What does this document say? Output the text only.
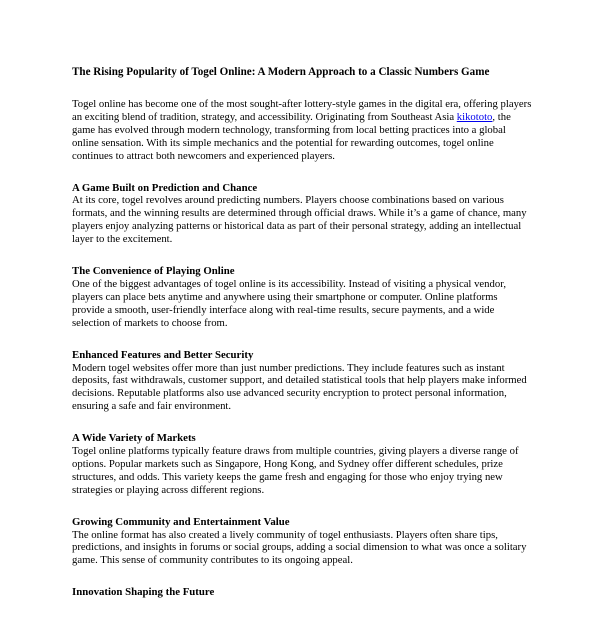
The Rising Popularity of Togel Online: A Modern Approach to a Classic Numbers Game

Togel online has become one of the most sought-after lottery-style games in the digital era, offering players an exciting blend of tradition, strategy, and accessibility. Originating from Southeast Asia kikototo, the game has evolved through modern technology, transforming from local betting practices into a global online sensation. With its simple mechanics and the potential for rewarding outcomes, togel online continues to attract both newcomers and experienced players.

A Game Built on Prediction and Chance

At its core, togel revolves around predicting numbers. Players choose combinations based on various formats, and the winning results are determined through official draws. While it’s a game of chance, many players enjoy analyzing patterns or historical data as part of their personal strategy, adding an intellectual layer to the excitement.

The Convenience of Playing Online

One of the biggest advantages of togel online is its accessibility. Instead of visiting a physical vendor, players can place bets anytime and anywhere using their smartphone or computer. Online platforms provide a smooth, user-friendly interface along with real-time results, secure payments, and a wide selection of markets to choose from.

Enhanced Features and Better Security

Modern togel websites offer more than just number predictions. They include features such as instant deposits, fast withdrawals, customer support, and detailed statistical tools that help players make informed decisions. Reputable platforms also use advanced security encryption to protect personal information, ensuring a safe and fair environment.

A Wide Variety of Markets

Togel online platforms typically feature draws from multiple countries, giving players a diverse range of options. Popular markets such as Singapore, Hong Kong, and Sydney offer different schedules, prize structures, and odds. This variety keeps the game fresh and engaging for those who enjoy trying new strategies or playing across different regions.

Growing Community and Entertainment Value

The online format has also created a lively community of togel enthusiasts. Players often share tips, predictions, and insights in forums or social groups, adding a social dimension to what was once a solitary game. This sense of community contributes to its ongoing appeal.

Innovation Shaping the Future
